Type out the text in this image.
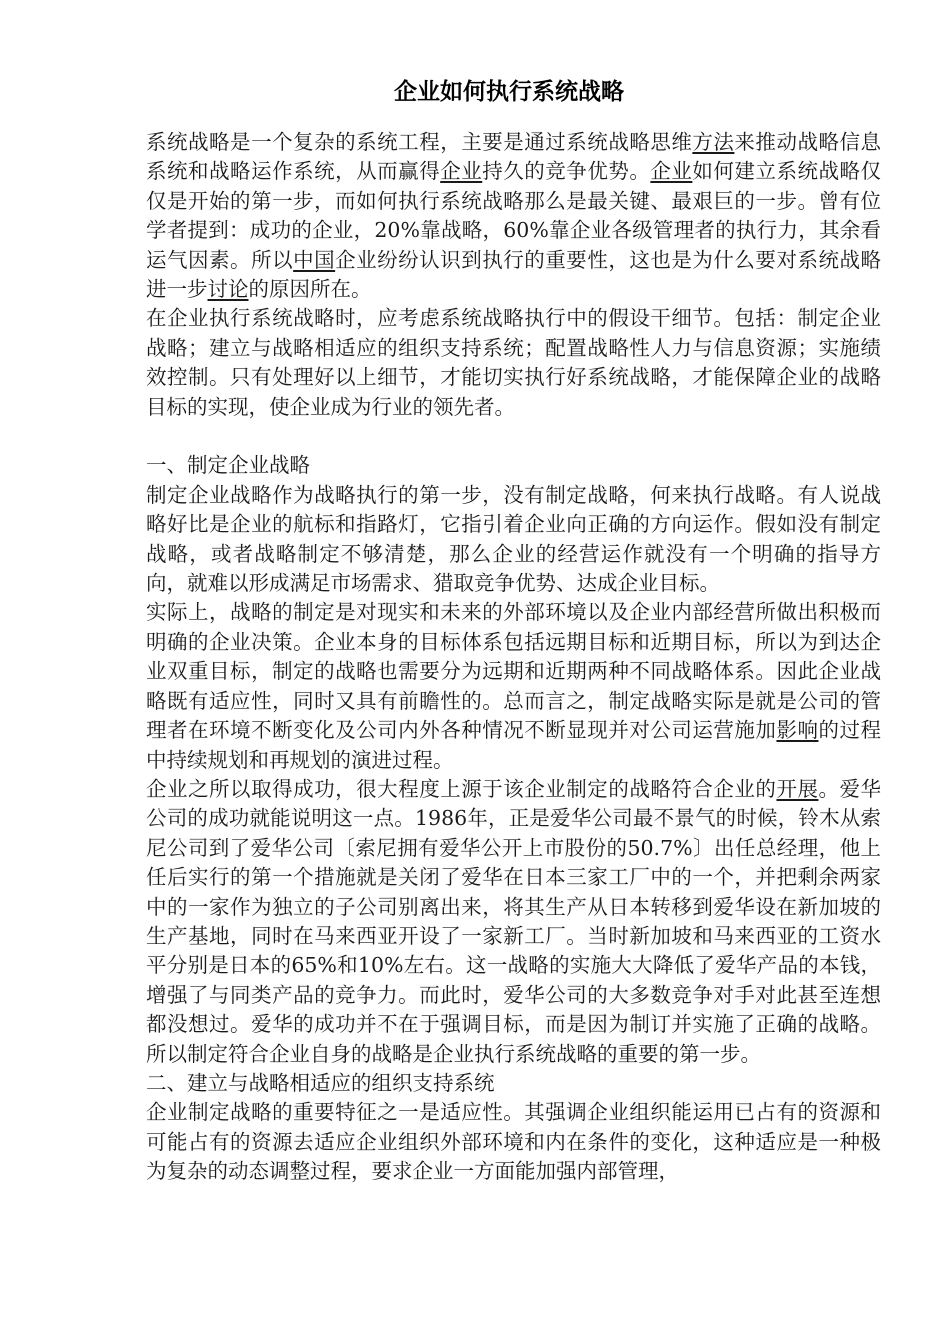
企业如何执行系统战略

系统战略是一个复杂的系统工程，主要是通过系统战略思维方法来推动战略信息系统和战略运作系统，从而赢得企业持久的竞争优势。企业如何建立系统战略仅仅是开始的第一步，而如何执行系统战略那么是最关键、最艰巨的一步。曾有位学者提到：成功的企业，20%靠战略，60%靠企业各级管理者的执行力，其余看运气因素。所以中国企业纷纷认识到执行的重要性，这也是为什么要对系统战略进一步讨论的原因所在。

在企业执行系统战略时，应考虑系统战略执行中的假设干细节。包括：制定企业战略；建立与战略相适应的组织支持系统；配置战略性人力与信息资源；实施绩效控制。只有处理好以上细节，才能切实执行好系统战略，才能保障企业的战略目标的实现，使企业成为行业的领先者。

一、制定企业战略

制定企业战略作为战略执行的第一步，没有制定战略，何来执行战略。有人说战略好比是企业的航标和指路灯，它指引着企业向正确的方向运作。假如没有制定战略，或者战略制定不够清楚，那么企业的经营运作就没有一个明确的指导方向，就难以形成满足市场需求、猎取竞争优势、达成企业目标。

实际上，战略的制定是对现实和未来的外部环境以及企业内部经营所做出积极而明确的企业决策。企业本身的目标体系包括远期目标和近期目标，所以为到达企业双重目标，制定的战略也需要分为远期和近期两种不同战略体系。因此企业战略既有适应性，同时又具有前瞻性的。总而言之，制定战略实际是就是公司的管理者在环境不断变化及公司内外各种情况不断显现并对公司运营施加影响的过程中持续规划和再规划的演进过程。

企业之所以取得成功，很大程度上源于该企业制定的战略符合企业的开展。爱华公司的成功就能说明这一点。1986年，正是爱华公司最不景气的时候，铃木从索尼公司到了爱华公司〔索尼拥有爱华公开上市股份的50.7%〕出任总经理，他上任后实行的第一个措施就是关闭了爱华在日本三家工厂中的一个，并把剩余两家中的一家作为独立的子公司别离出来，将其生产从日本转移到爱华设在新加坡的生产基地，同时在马来西亚开设了一家新工厂。当时新加坡和马来西亚的工资水平分别是日本的65%和10%左右。这一战略的实施大大降低了爱华产品的本钱，增强了与同类产品的竞争力。而此时，爱华公司的大多数竞争对手对此甚至连想都没想过。爱华的成功并不在于强调目标，而是因为制订并实施了正确的战略。所以制定符合企业自身的战略是企业执行系统战略的重要的第一步。

二、建立与战略相适应的组织支持系统

企业制定战略的重要特征之一是适应性。其强调企业组织能运用已占有的资源和可能占有的资源去适应企业组织外部环境和内在条件的变化，这种适应是一种极为复杂的动态调整过程，要求企业一方面能加强内部管理，
